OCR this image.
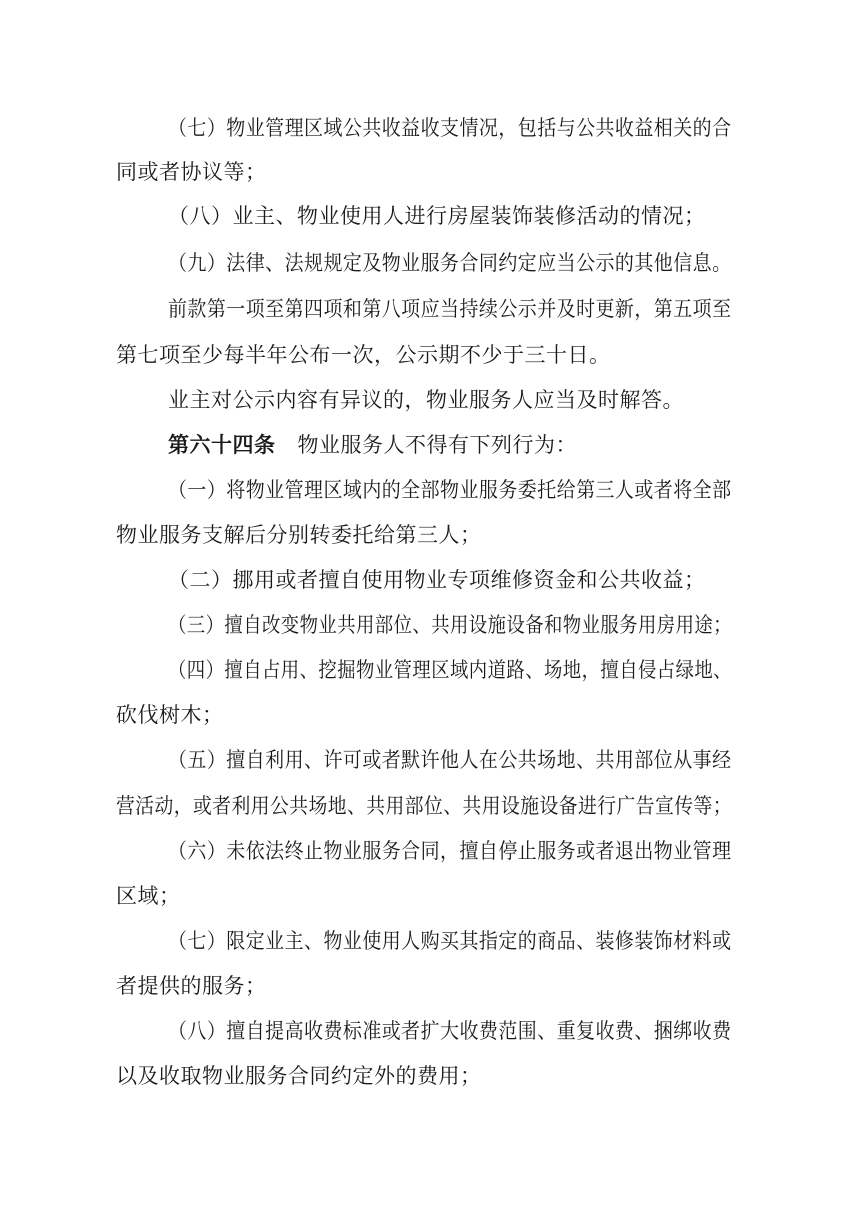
（七）物业管理区域公共收益收支情况，包括与公共收益相关的合
同或者协议等；
（八）业主、物业使用人进行房屋装饰装修活动的情况；
（九）法律、法规规定及物业服务合同约定应当公示的其他信息。
前款第一项至第四项和第八项应当持续公示并及时更新，第五项至
第七项至少每半年公布一次，公示期不少于三十日。
业主对公示内容有异议的，物业服务人应当及时解答。
第六十四条 物业服务人不得有下列行为：
（一）将物业管理区域内的全部物业服务委托给第三人或者将全部
物业服务支解后分别转委托给第三人；
（二）挪用或者擅自使用物业专项维修资金和公共收益；
（三）擅自改变物业共用部位、共用设施设备和物业服务用房用途；
（四）擅自占用、挖掘物业管理区域内道路、场地，擅自侵占绿地、
砍伐树木；
（五）擅自利用、许可或者默许他人在公共场地、共用部位从事经
营活动，或者利用公共场地、共用部位、共用设施设备进行广告宣传等；
（六）未依法终止物业服务合同，擅自停止服务或者退出物业管理
区域；
（七）限定业主、物业使用人购买其指定的商品、装修装饰材料或
者提供的服务；
（八）擅自提高收费标准或者扩大收费范围、重复收费、捆绑收费
以及收取物业服务合同约定外的费用；
